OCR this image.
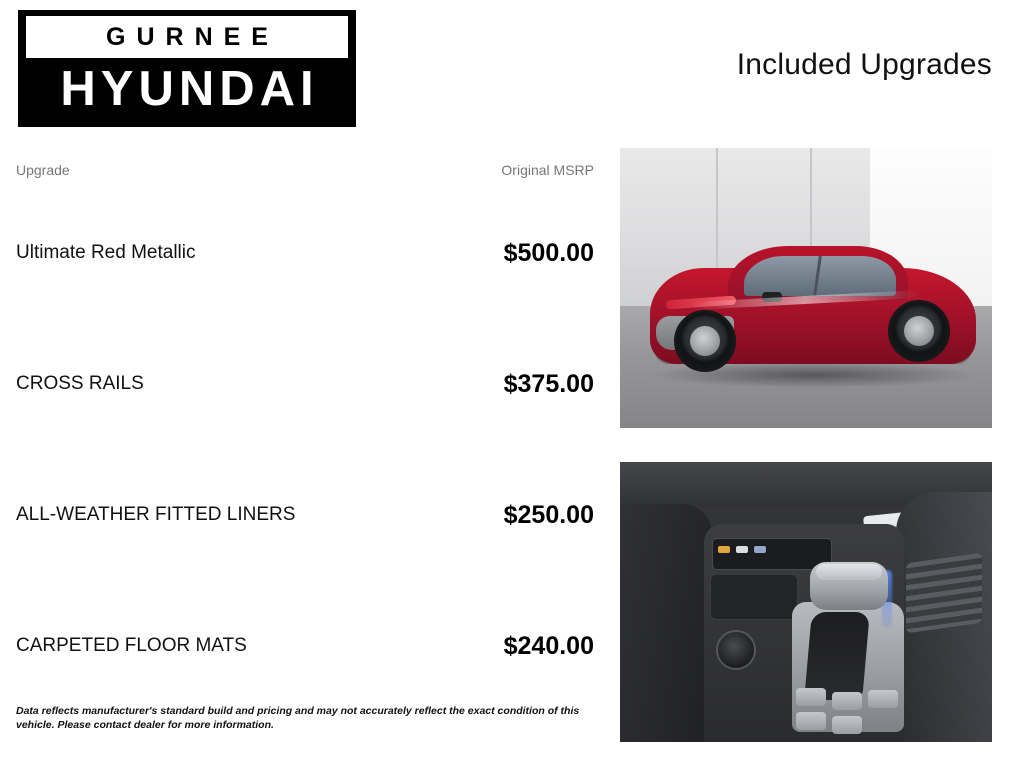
GURNEE
HYUNDAI	Included Upgrades
Upgrade	Original MSRP
Ultimate Red Metallic	$500.00
CROSS RAILS	$375.00
ALL-WEATHER FITTED LINERS	$250.00
CARPETED FLOOR MATS	$240.00
Data reflects manufacturer's standard build and pricing and may not accurately reflect the exact condition of this vehicle. Please contact dealer for more information.
